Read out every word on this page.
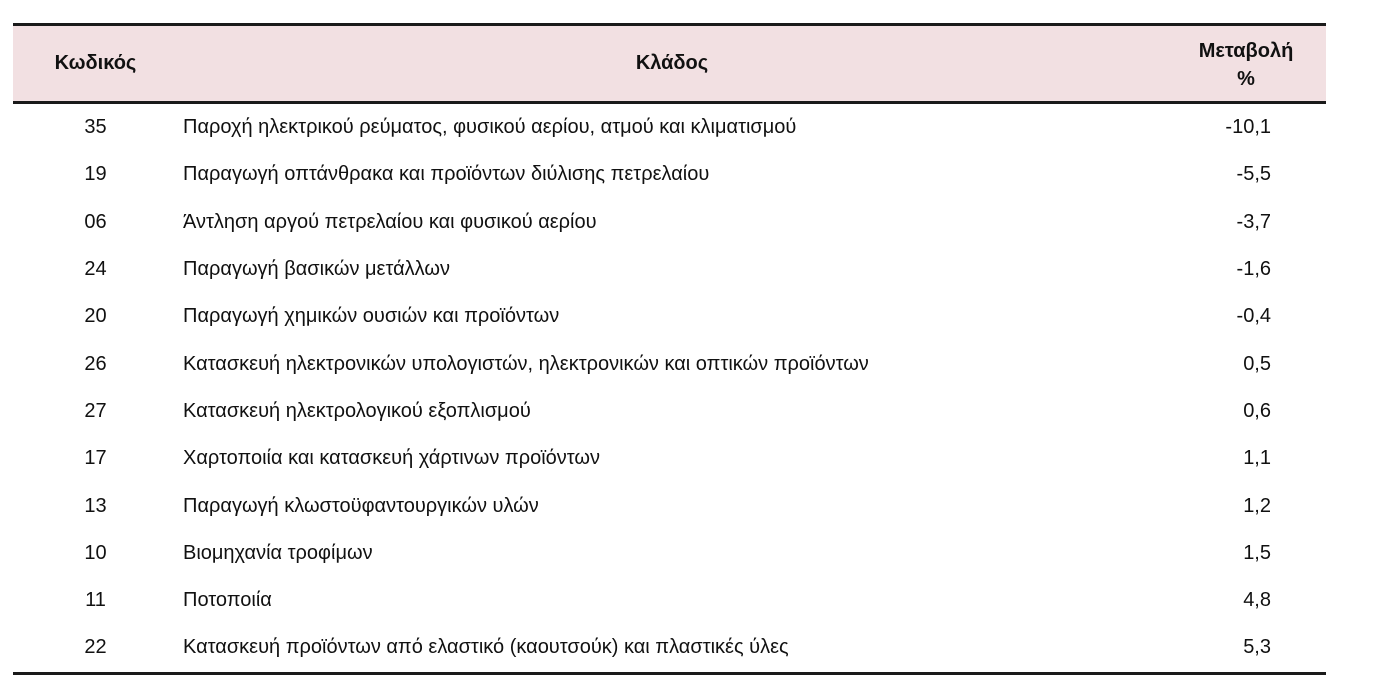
Κωδικός	Κλάδος	Μεταβολή
%

35	Παροχή ηλεκτρικού ρεύματος, φυσικού αερίου, ατμού και κλιματισμού	-10,1
19	Παραγωγή οπτάνθρακα και προϊόντων διύλισης πετρελαίου	-5,5
06	Άντληση αργού πετρελαίου και φυσικού αερίου	-3,7
24	Παραγωγή βασικών μετάλλων	-1,6
20	Παραγωγή χημικών ουσιών και προϊόντων	-0,4
26	Κατασκευή ηλεκτρονικών υπολογιστών, ηλεκτρονικών και οπτικών προϊόντων	0,5
27	Κατασκευή ηλεκτρολογικού εξοπλισμού	0,6
17	Χαρτοποιία και κατασκευή χάρτινων προϊόντων	1,1
13	Παραγωγή κλωστοϋφαντουργικών υλών	1,2
10	Βιομηχανία τροφίμων	1,5
11	Ποτοποιία	4,8
22	Κατασκευή προϊόντων από ελαστικό (καουτσούκ) και πλαστικές ύλες	5,3
